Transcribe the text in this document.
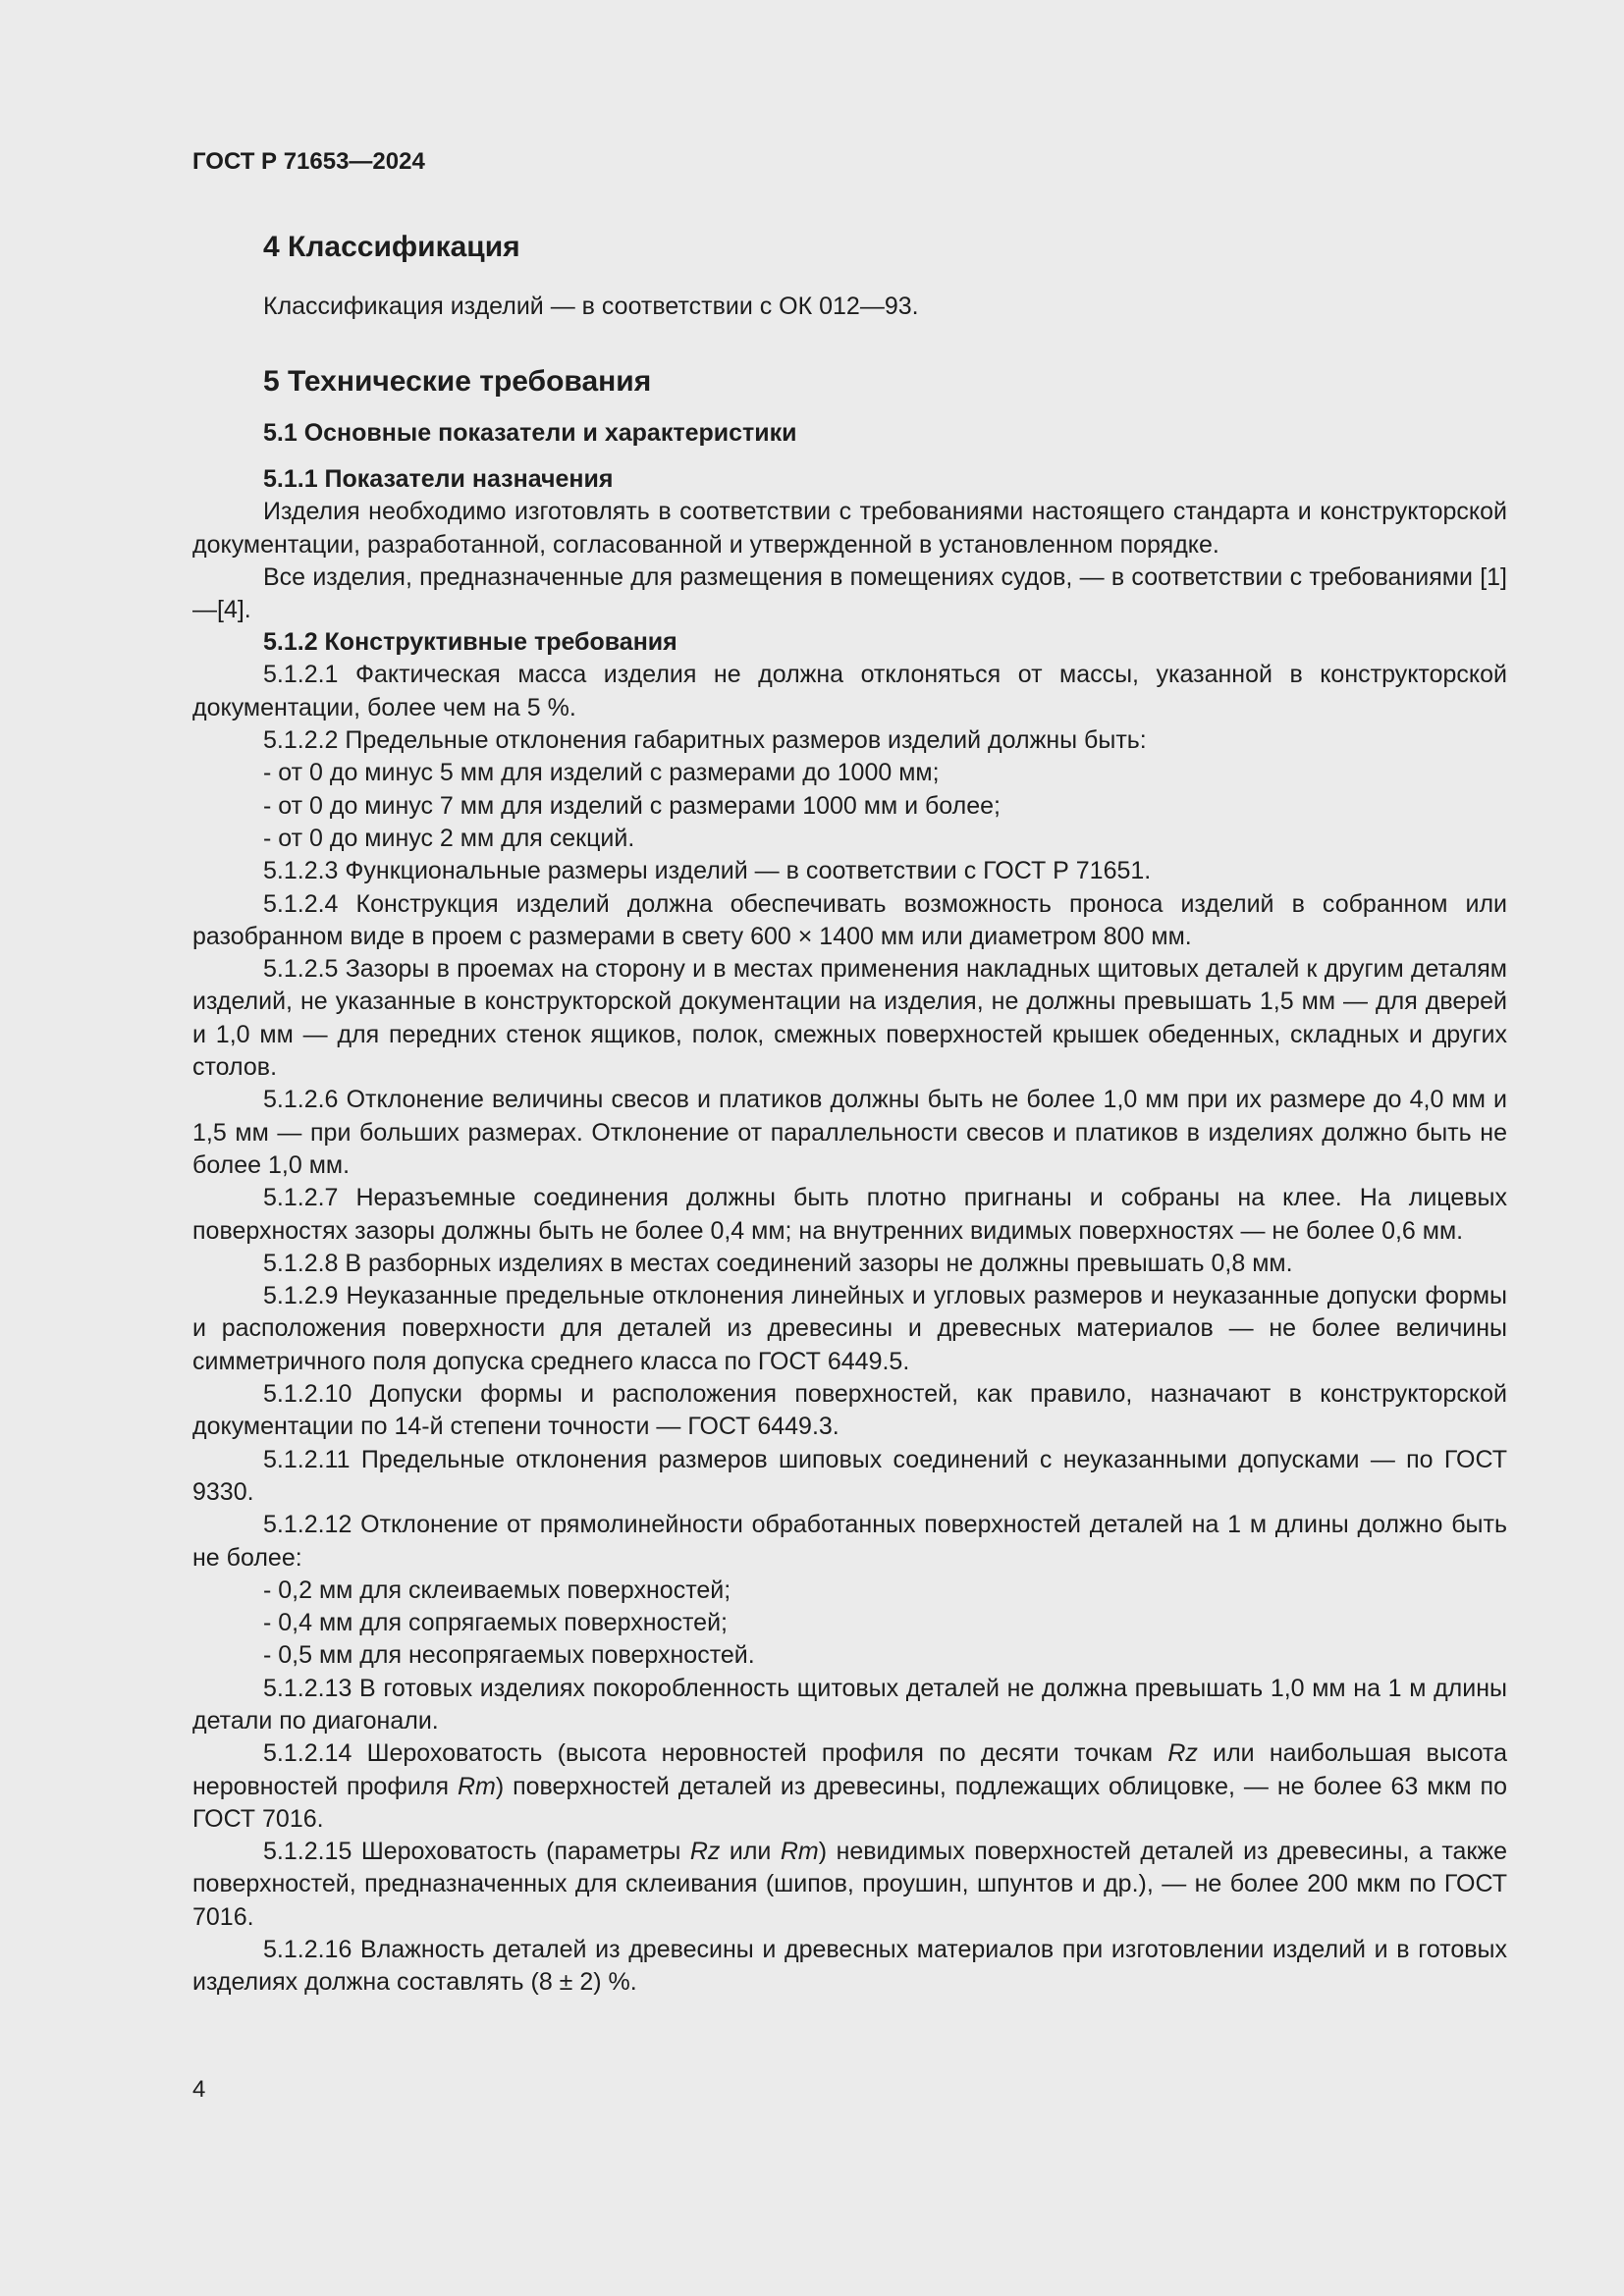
ГОСТ Р 71653—2024
4 Классификация

Классификация изделий — в соответствии с ОК 012—93.

5 Технические требования
5.1 Основные показатели и характеристики
5.1.1 Показатели назначения

Изделия необходимо изготовлять в соответствии с требованиями настоящего стандарта и конструкторской документации, разработанной, согласованной и утвержденной в установленном порядке.

Все изделия, предназначенные для размещения в помещениях судов, — в соответствии с требованиями [1]—[4].

5.1.2 Конструктивные требования

5.1.2.1 Фактическая масса изделия не должна отклоняться от массы, указанной в конструкторской документации, более чем на 5 %.

5.1.2.2 Предельные отклонения габаритных размеров изделий должны быть:

- от 0 до минус 5 мм для изделий с размерами до 1000 мм;

- от 0 до минус 7 мм для изделий с размерами 1000 мм и более;

- от 0 до минус 2 мм для секций.

5.1.2.3 Функциональные размеры изделий — в соответствии с ГОСТ Р 71651.

5.1.2.4 Конструкция изделий должна обеспечивать возможность проноса изделий в собранном или разобранном виде в проем с размерами в свету 600 × 1400 мм или диаметром 800 мм.

5.1.2.5 Зазоры в проемах на сторону и в местах применения накладных щитовых деталей к другим деталям изделий, не указанные в конструкторской документации на изделия, не должны превышать 1,5 мм — для дверей и 1,0 мм — для передних стенок ящиков, полок, смежных поверхностей крышек обеденных, складных и других столов.

5.1.2.6 Отклонение величины свесов и платиков должны быть не более 1,0 мм при их размере до 4,0 мм и 1,5 мм — при больших размерах. Отклонение от параллельности свесов и платиков в изделиях должно быть не более 1,0 мм.

5.1.2.7 Неразъемные соединения должны быть плотно пригнаны и собраны на клее. На лицевых поверхностях зазоры должны быть не более 0,4 мм; на внутренних видимых поверхностях — не более 0,6 мм.

5.1.2.8 В разборных изделиях в местах соединений зазоры не должны превышать 0,8 мм.

5.1.2.9 Неуказанные предельные отклонения линейных и угловых размеров и неуказанные допуски формы и расположения поверхности для деталей из древесины и древесных материалов — не более величины симметричного поля допуска среднего класса по ГОСТ 6449.5.

5.1.2.10 Допуски формы и расположения поверхностей, как правило, назначают в конструкторской документации по 14-й степени точности — ГОСТ 6449.3.

5.1.2.11 Предельные отклонения размеров шиповых соединений с неуказанными допусками — по ГОСТ 9330.

5.1.2.12 Отклонение от прямолинейности обработанных поверхностей деталей на 1 м длины должно быть не более:

- 0,2 мм для склеиваемых поверхностей;

- 0,4 мм для сопрягаемых поверхностей;

- 0,5 мм для несопрягаемых поверхностей.

5.1.2.13 В готовых изделиях покоробленность щитовых деталей не должна превышать 1,0 мм на 1 м длины детали по диагонали.

5.1.2.14 Шероховатость (высота неровностей профиля по десяти точкам Rz или наибольшая высота неровностей профиля Rm) поверхностей деталей из древесины, подлежащих облицовке, — не более 63 мкм по ГОСТ 7016.

5.1.2.15 Шероховатость (параметры Rz или Rm) невидимых поверхностей деталей из древесины, а также поверхностей, предназначенных для склеивания (шипов, проушин, шпунтов и др.), — не более 200 мкм по ГОСТ 7016.

5.1.2.16 Влажность деталей из древесины и древесных материалов при изготовлении изделий и в готовых изделиях должна составлять (8 ± 2) %.

4
